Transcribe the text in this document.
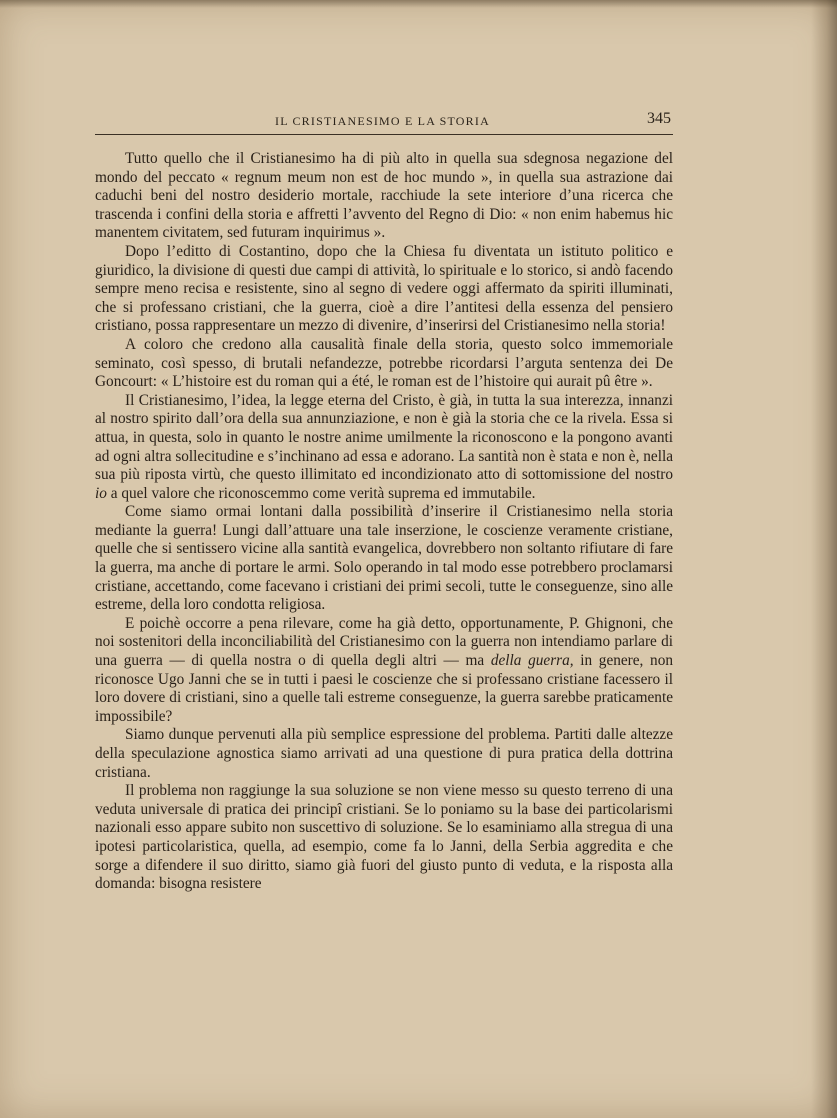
IL CRISTIANESIMO E LA STORIA	345

Tutto quello che il Cristianesimo ha di più alto in quella sua sdegnosa negazione del mondo del peccato « regnum meum non est de hoc mundo », in quella sua astrazione dai caduchi beni del nostro desiderio mortale, racchiude la sete interiore d’una ricerca che trascenda i confini della storia e affretti l’avvento del Regno di Dio: « non enim habemus hic manentem civitatem, sed futuram inquirimus ».

Dopo l’editto di Costantino, dopo che la Chiesa fu diventata un istituto politico e giuridico, la divisione di questi due campi di attività, lo spirituale e lo storico, si andò facendo sempre meno recisa e resistente, sino al segno di vedere oggi affermato da spiriti illuminati, che si professano cristiani, che la guerra, cioè a dire l’antitesi della essenza del pensiero cristiano, possa rappresentare un mezzo di divenire, d’inserirsi del Cristianesimo nella storia!

A coloro che credono alla causalità finale della storia, questo solco immemoriale seminato, così spesso, di brutali nefandezze, potrebbe ricordarsi l’arguta sentenza dei De Goncourt: « L’histoire est du roman qui a été, le roman est de l’histoire qui aurait pû être ».

Il Cristianesimo, l’idea, la legge eterna del Cristo, è già, in tutta la sua interezza, innanzi al nostro spirito dall’ora della sua annunziazione, e non è già la storia che ce la rivela. Essa si attua, in questa, solo in quanto le nostre anime umilmente la riconoscono e la pongono avanti ad ogni altra sollecitudine e s’inchinano ad essa e adorano. La santità non è stata e non è, nella sua più riposta virtù, che questo illimitato ed incondizionato atto di sottomissione del nostro io a quel valore che riconoscemmo come verità suprema ed immutabile.

Come siamo ormai lontani dalla possibilità d’inserire il Cristianesimo nella storia mediante la guerra! Lungi dall’attuare una tale inserzione, le coscienze veramente cristiane, quelle che si sentissero vicine alla santità evangelica, dovrebbero non soltanto rifiutare di fare la guerra, ma anche di portare le armi. Solo operando in tal modo esse potrebbero proclamarsi cristiane, accettando, come facevano i cristiani dei primi secoli, tutte le conseguenze, sino alle estreme, della loro condotta religiosa.

E poichè occorre a pena rilevare, come ha già detto, opportunamente, P. Ghignoni, che noi sostenitori della inconciliabilità del Cristianesimo con la guerra non intendiamo parlare di una guerra — di quella nostra o di quella degli altri — ma della guerra, in genere, non riconosce Ugo Janni che se in tutti i paesi le coscienze che si professano cristiane facessero il loro dovere di cristiani, sino a quelle tali estreme conseguenze, la guerra sarebbe praticamente impossibile?

Siamo dunque pervenuti alla più semplice espressione del problema. Partiti dalle altezze della speculazione agnostica siamo arrivati ad una questione di pura pratica della dottrina cristiana.

Il problema non raggiunge la sua soluzione se non viene messo su questo terreno di una veduta universale di pratica dei principî cristiani. Se lo poniamo su la base dei particolarismi nazionali esso appare subito non suscettivo di soluzione. Se lo esaminiamo alla stregua di una ipotesi particolaristica, quella, ad esempio, come fa lo Janni, della Serbia aggredita e che sorge a difendere il suo diritto, siamo già fuori del giusto punto di veduta, e la risposta alla domanda: bisogna resistere
